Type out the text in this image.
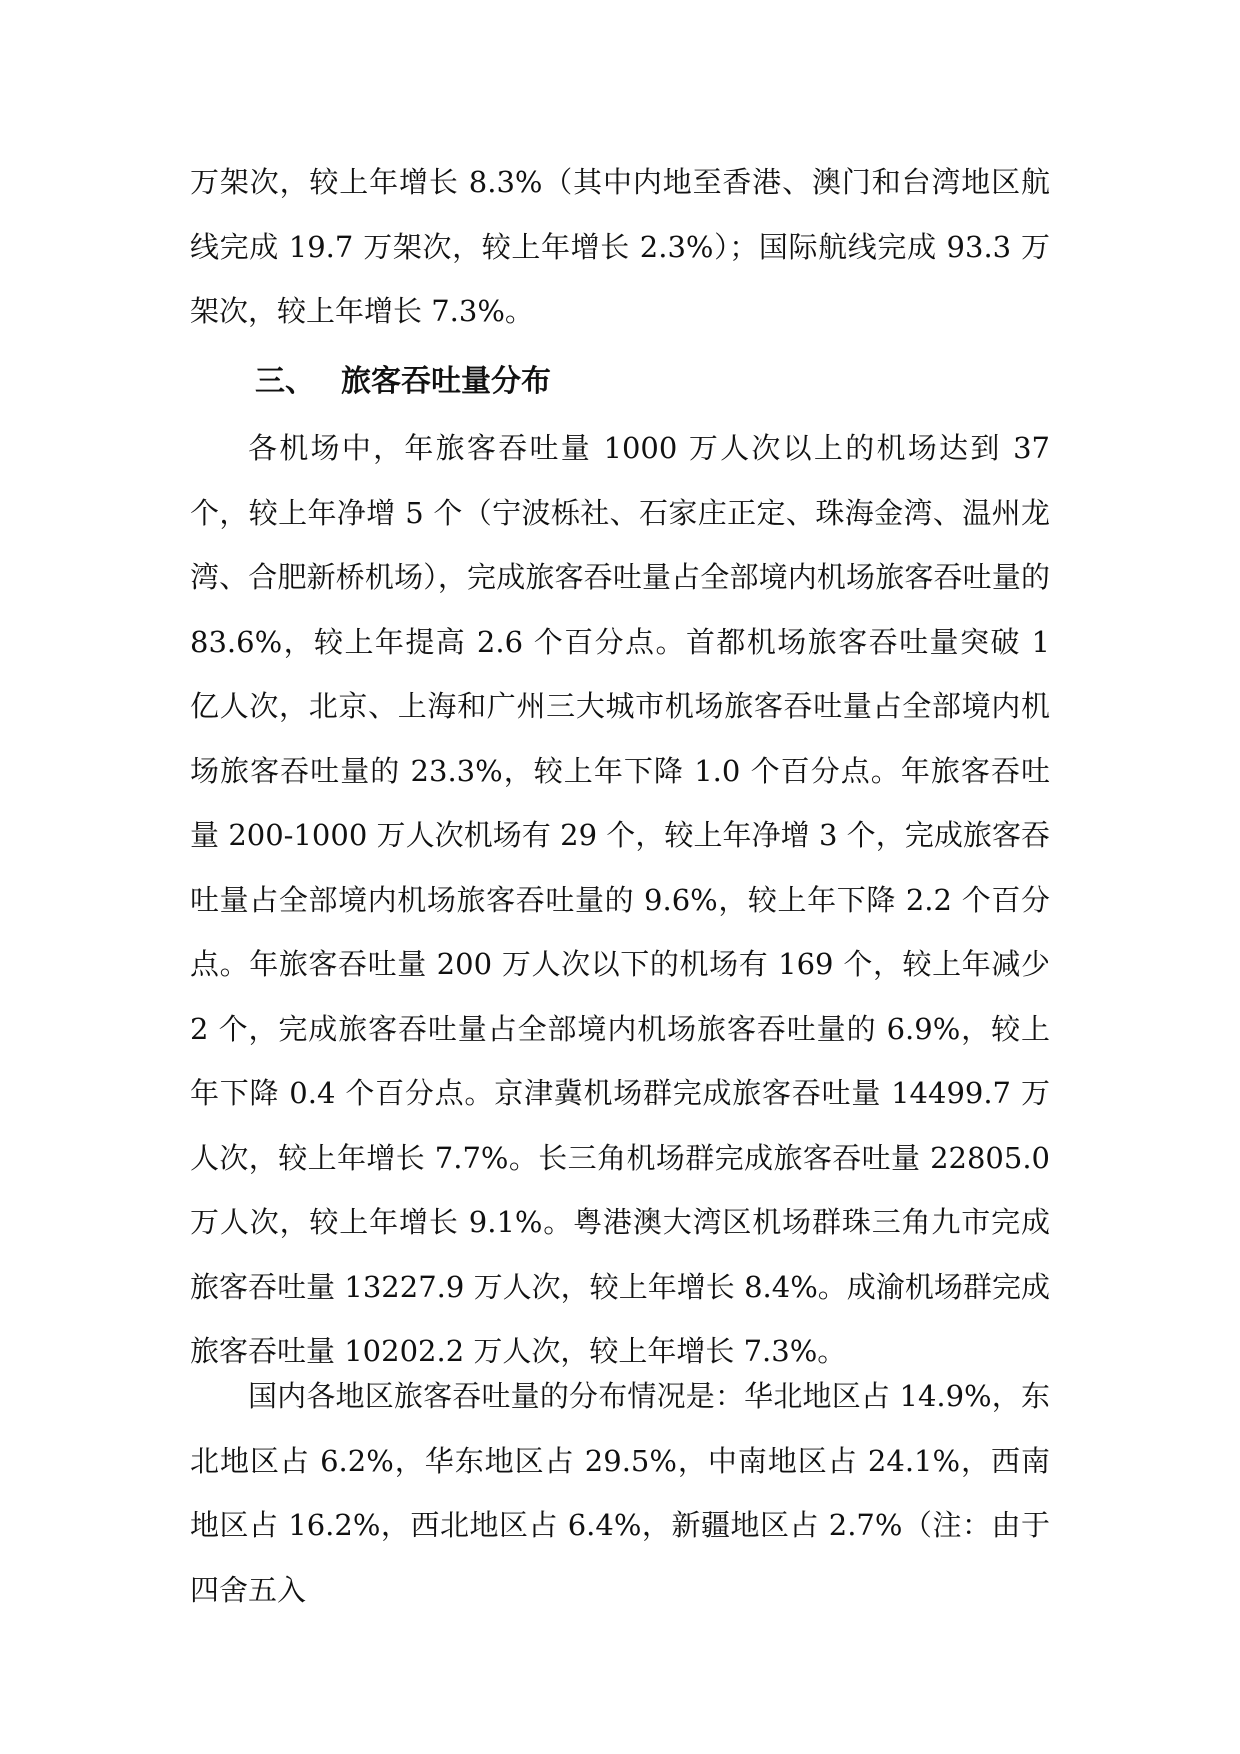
万架次，较上年增长 8.3%（其中内地至香港、澳门和台湾地区航线完成 19.7 万架次，较上年增长 2.3%）；国际航线完成 93.3 万架次，较上年增长 7.3%。

三、 旅客吞吐量分布

各机场中，年旅客吞吐量 1000 万人次以上的机场达到 37 个，较上年净增 5 个（宁波栎社、石家庄正定、珠海金湾、温州龙湾、合肥新桥机场），完成旅客吞吐量占全部境内机场旅客吞吐量的 83.6%，较上年提高 2.6 个百分点。首都机场旅客吞吐量突破 1 亿人次，北京、上海和广州三大城市机场旅客吞吐量占全部境内机场旅客吞吐量的 23.3%，较上年下降 1.0 个百分点。年旅客吞吐量 200-1000 万人次机场有 29 个，较上年净增 3 个，完成旅客吞吐量占全部境内机场旅客吞吐量的 9.6%，较上年下降 2.2 个百分点。年旅客吞吐量 200 万人次以下的机场有 169 个，较上年减少 2 个，完成旅客吞吐量占全部境内机场旅客吞吐量的 6.9%，较上年下降 0.4 个百分点。京津冀机场群完成旅客吞吐量 14499.7 万人次，较上年增长 7.7%。长三角机场群完成旅客吞吐量 22805.0 万人次，较上年增长 9.1%。粤港澳大湾区机场群珠三角九市完成旅客吞吐量 13227.9 万人次，较上年增长 8.4%。成渝机场群完成旅客吞吐量 10202.2 万人次，较上年增长 7.3%。

国内各地区旅客吞吐量的分布情况是：华北地区占 14.9%，东北地区占 6.2%，华东地区占 29.5%，中南地区占 24.1%，西南地区占 16.2%，西北地区占 6.4%，新疆地区占 2.7%（注：由于四舍五入
